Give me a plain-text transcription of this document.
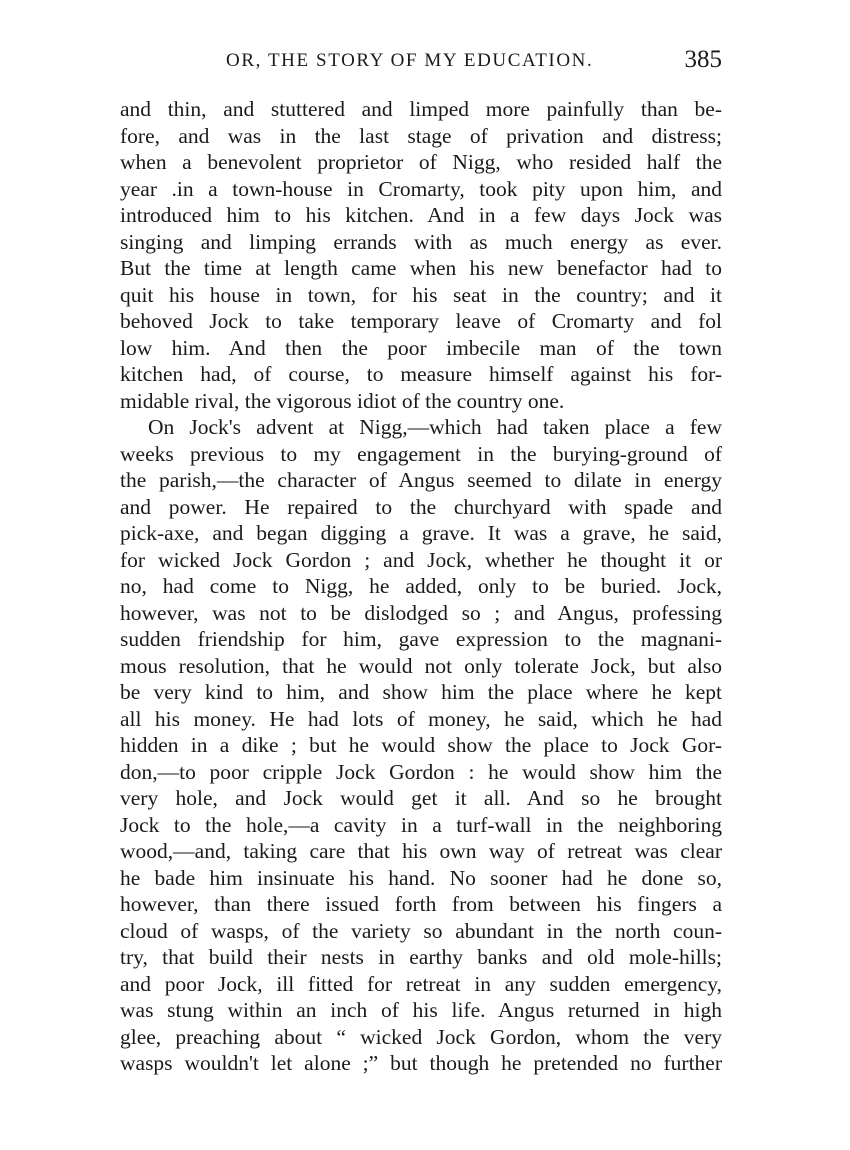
OR, THE STORY OF MY EDUCATION.	385
and thin, and stuttered and limped more painfully than be-
fore, and was in the last stage of privation and distress;
when a benevolent proprietor of Nigg, who resided half the
year .in a town-house in Cromarty, took pity upon him, and
introduced him to his kitchen. And in a few days Jock was
singing and limping errands with as much energy as ever.
But the time at length came when his new benefactor had to
quit his house in town, for his seat in the country; and it
behoved Jock to take temporary leave of Cromarty and fol
low him. And then the poor imbecile man of the town
kitchen had, of course, to measure himself against his for-
midable rival, the vigorous idiot of the country one.
On Jock's advent at Nigg,—which had taken place a few
weeks previous to my engagement in the burying-ground of
the parish,—the character of Angus seemed to dilate in energy
and power. He repaired to the churchyard with spade and
pick-axe, and began digging a grave. It was a grave, he said,
for wicked Jock Gordon ; and Jock, whether he thought it or
no, had come to Nigg, he added, only to be buried. Jock,
however, was not to be dislodged so ; and Angus, professing
sudden friendship for him, gave expression to the magnani-
mous resolution, that he would not only tolerate Jock, but also
be very kind to him, and show him the place where he kept
all his money. He had lots of money, he said, which he had
hidden in a dike ; but he would show the place to Jock Gor-
don,—to poor cripple Jock Gordon : he would show him the
very hole, and Jock would get it all. And so he brought
Jock to the hole,—a cavity in a turf-wall in the neighboring
wood,—and, taking care that his own way of retreat was clear
he bade him insinuate his hand. No sooner had he done so,
however, than there issued forth from between his fingers a
cloud of wasps, of the variety so abundant in the north coun-
try, that build their nests in earthy banks and old mole-hills;
and poor Jock, ill fitted for retreat in any sudden emergency,
was stung within an inch of his life. Angus returned in high
glee, preaching about “ wicked Jock Gordon, whom the very
wasps wouldn't let alone ;” but though he pretended no further
